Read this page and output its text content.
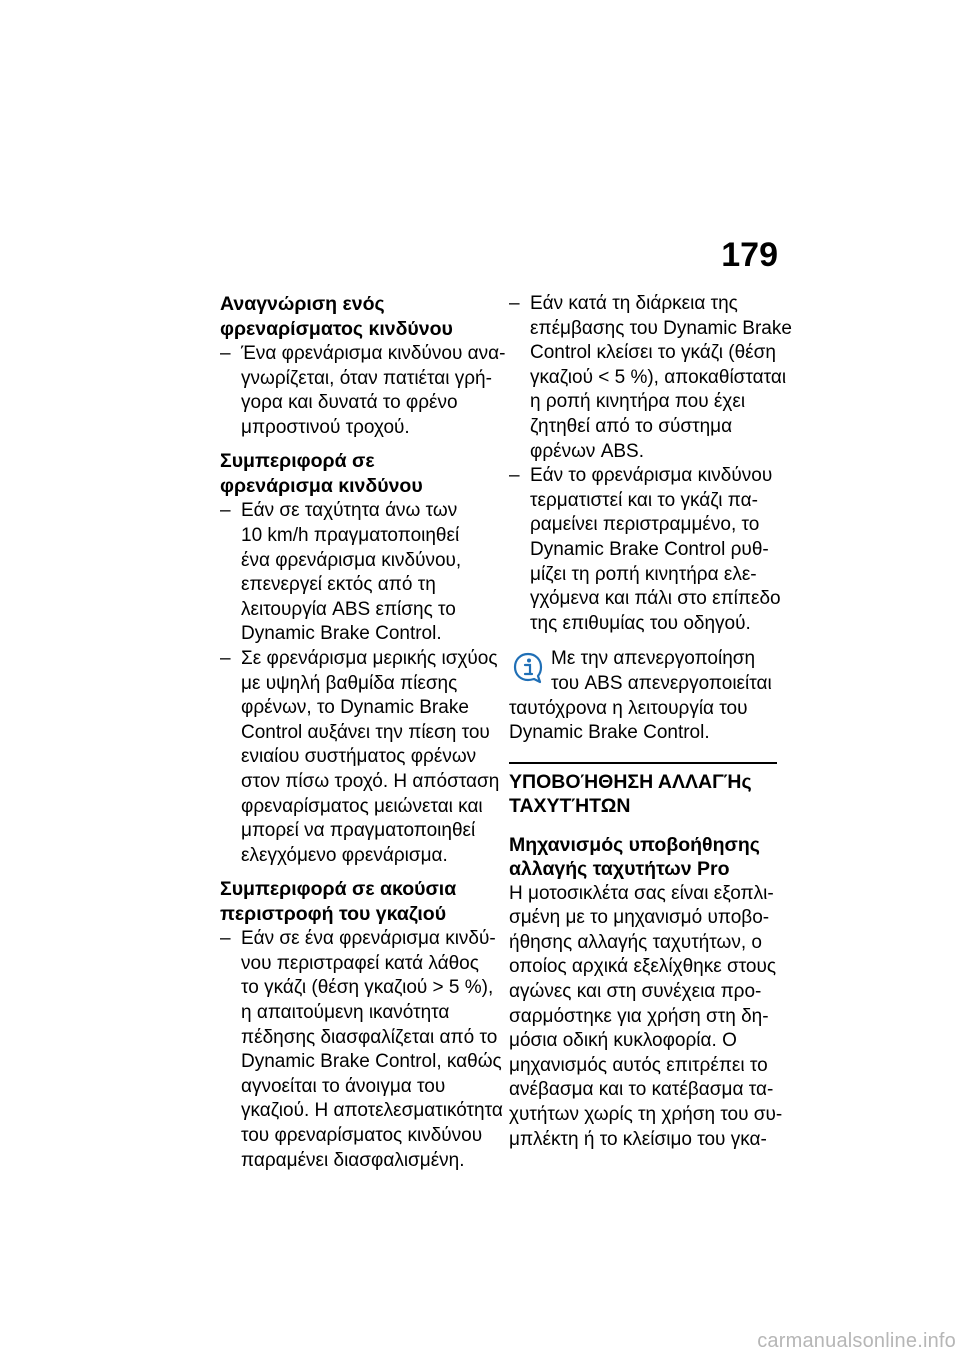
179
Αναγνώριση ενός
φρεναρίσματος κινδύνου
– Ένα φρενάρισμα κινδύνου ανα-
γνωρίζεται, όταν πατιέται γρή-
γορα και δυνατά το φρένο
μπροστινού τροχού.
Συμπεριφορά σε
φρενάρισμα κινδύνου
– Εάν σε ταχύτητα άνω των
10 km/h πραγματοποιηθεί
ένα φρενάρισμα κινδύνου,
επενεργεί εκτός από τη
λειτουργία ABS επίσης το
Dynamic Brake Control.
– Σε φρενάρισμα μερικής ισχύος
με υψηλή βαθμίδα πίεσης
φρένων, το Dynamic Brake
Control αυξάνει την πίεση του
ενιαίου συστήματος φρένων
στον πίσω τροχό. Η απόσταση
φρεναρίσματος μειώνεται και
μπορεί να πραγματοποιηθεί
ελεγχόμενο φρενάρισμα.
Συμπεριφορά σε ακούσια
περιστροφή του γκαζιού
– Εάν σε ένα φρενάρισμα κινδύ-
νου περιστραφεί κατά λάθος
το γκάζι (θέση γκαζιού > 5 %),
η απαιτούμενη ικανότητα
πέδησης διασφαλίζεται από το
Dynamic Brake Control, καθώς
αγνοείται το άνοιγμα του
γκαζιού. Η αποτελεσματικότητα
του φρεναρίσματος κινδύνου
παραμένει διασφαλισμένη.
– Εάν κατά τη διάρκεια της
επέμβασης του Dynamic Brake
Control κλείσει το γκάζι (θέση
γκαζιού < 5 %), αποκαθίσταται
η ροπή κινητήρα που έχει
ζητηθεί από το σύστημα
φρένων ABS.
– Εάν το φρενάρισμα κινδύνου
τερματιστεί και το γκάζι πα-
ραμείνει περιστραμμένο, το
Dynamic Brake Control ρυθ-
μίζει τη ροπή κινητήρα ελε-
γχόμενα και πάλι στο επίπεδο
της επιθυμίας του οδηγού.
Με την απενεργοποίηση
του ABS απενεργοποιείται
ταυτόχρονα η λειτουργία του
Dynamic Brake Control.
ΥΠΟΒΟΉΘΗΣΗ ΑΛΛΑΓΉς
ΤΑΧΥΤΉΤΩΝ
Μηχανισμός υποβοήθησης
αλλαγής ταχυτήτων Pro
Η μοτοσικλέτα σας είναι εξοπλι-
σμένη με το μηχανισμό υποβο-
ήθησης αλλαγής ταχυτήτων, ο
οποίος αρχικά εξελίχθηκε στους
αγώνες και στη συνέχεια προ-
σαρμόστηκε για χρήση στη δη-
μόσια οδική κυκλοφορία. Ο
μηχανισμός αυτός επιτρέπει το
ανέβασμα και το κατέβασμα τα-
χυτήτων χωρίς τη χρήση του συ-
μπλέκτη ή το κλείσιμο του γκα-
carmanualsonline.info
